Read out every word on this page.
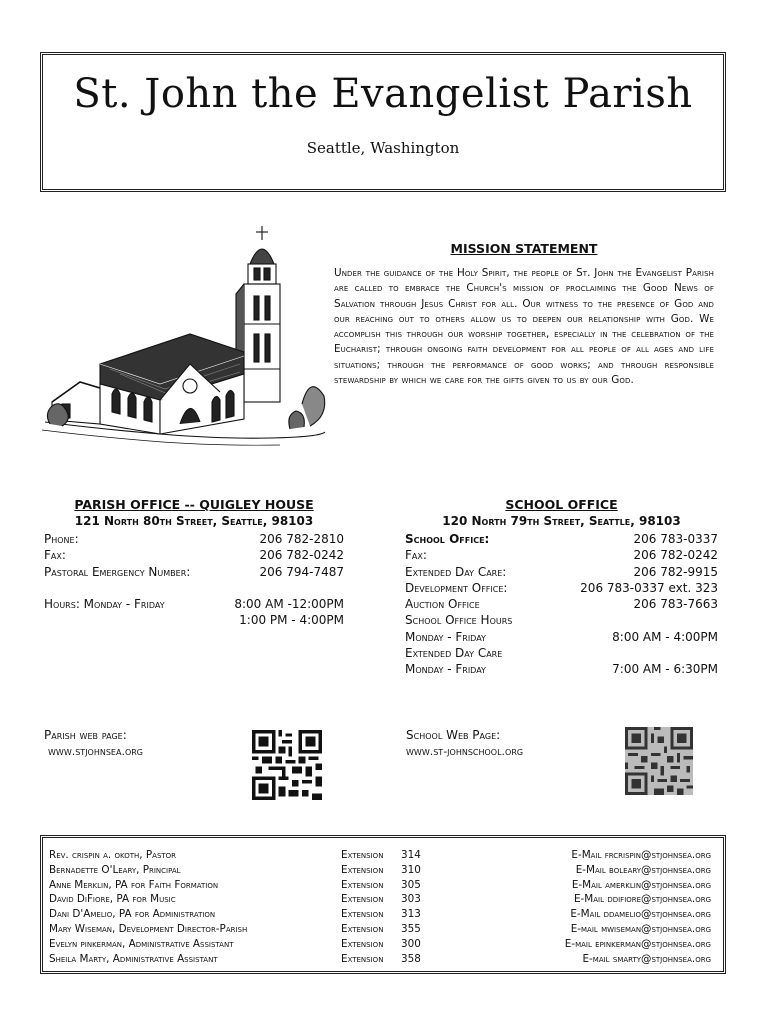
St. John the Evangelist Parish
Seattle, Washington
MISSION STATEMENT
Under the guidance of the Holy Spirit, the people of St. John the Evangelist Parish are called to embrace the Church's mission of proclaiming the Good News of Salvation through Jesus Christ for all. Our witness to the presence of God and our reaching out to others allow us to deepen our relationship with God. We accomplish this through our worship together, especially in the celebration of the Eucharist; through ongoing faith development for all people of all ages and life situations; through the performance of good works; and through responsible stewardship by which we care for the gifts given to us by our God.
PARISH OFFICE -- QUIGLEY HOUSE
121 North 80th Street, Seattle, 98103
Phone:	206 782-2810
Fax:	206 782-0242
Pastoral Emergency Number:	206 794-7487
Hours: Monday - Friday	8:00 AM -12:00PM
1:00 PM - 4:00PM
SCHOOL OFFICE
120 North 79th Street, Seattle, 98103
School Office:	206 783-0337
Fax:	206 782-0242
Extended Day Care:	206 782-9915
Development Office:	206 783-0337 ext. 323
Auction Office	206 783-7663
School Office Hours
Monday - Friday	8:00 AM - 4:00PM
Extended Day Care
Monday - Friday	7:00 AM - 6:30PM
Parish web page:
www.stjohnsea.org
School Web Page:
www.st-johnschool.org
Rev. crispin a. okoth, Pastor	Extension	314	E-Mail frcrispin@stjohnsea.org
Bernadette O'Leary, Principal	Extension	310	E-Mail boleary@stjohnsea.org
Anne Merklin, PA for Faith Formation	Extension	305	E-Mail amerklin@stjohnsea.org
David DiFiore, PA for Music	Extension	303	E-Mail ddifiore@stjohnsea.org
Dani D'Amelio, PA for Administration	Extension	313	E-Mail ddamelio@stjohnsea.org
Mary Wiseman, Development Director-Parish	Extension	355	E-mail mwiseman@stjohnsea.org
Evelyn pinkerman, Administrative Assistant	Extension	300	E-mail epinkerman@stjohnsea.org
Sheila Marty, Administrative Assistant	Extension	358	E-mail smarty@stjohnsea.org
